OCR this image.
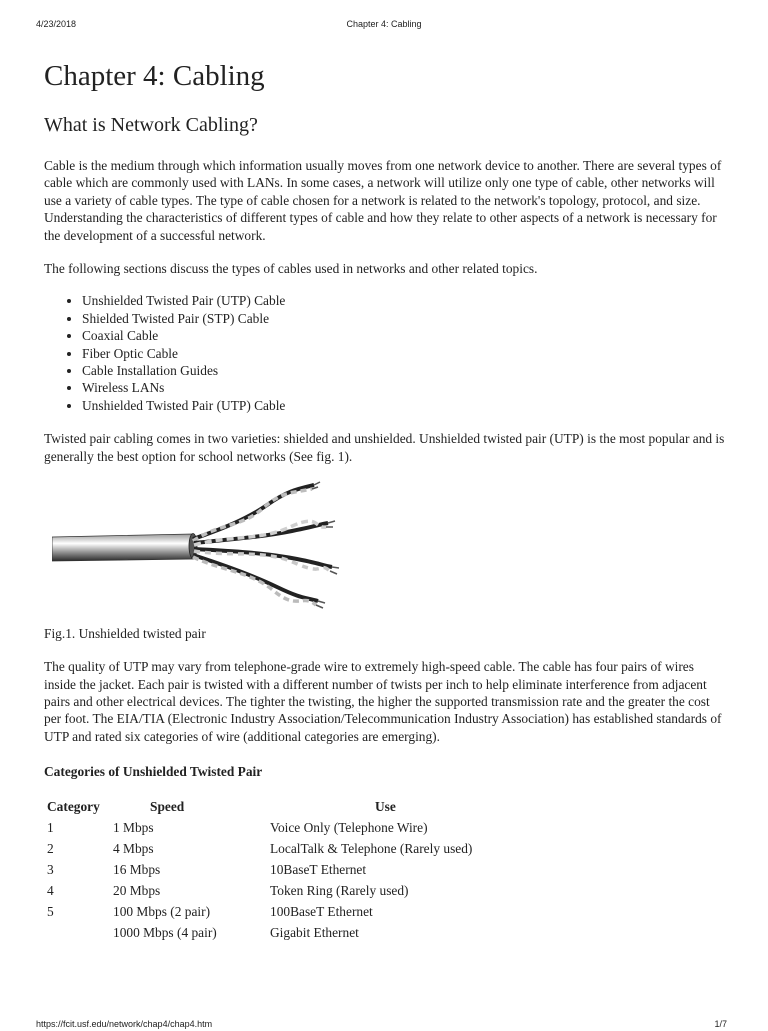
4/23/2018	Chapter 4: Cabling
Chapter 4: Cabling
What is Network Cabling?

Cable is the medium through which information usually moves from one network device to another. There are several types of cable which are commonly used with LANs. In some cases, a network will utilize only one type of cable, other networks will use a variety of cable types. The type of cable chosen for a network is related to the network's topology, protocol, and size. Understanding the characteristics of different types of cable and how they relate to other aspects of a network is necessary for the development of a successful network.

The following sections discuss the types of cables used in networks and other related topics.

• Unshielded Twisted Pair (UTP) Cable
• Shielded Twisted Pair (STP) Cable
• Coaxial Cable
• Fiber Optic Cable
• Cable Installation Guides
• Wireless LANs
• Unshielded Twisted Pair (UTP) Cable

Twisted pair cabling comes in two varieties: shielded and unshielded. Unshielded twisted pair (UTP) is the most popular and is generally the best option for school networks (See fig. 1).

Fig.1. Unshielded twisted pair

The quality of UTP may vary from telephone-grade wire to extremely high-speed cable. The cable has four pairs of wires inside the jacket. Each pair is twisted with a different number of twists per inch to help eliminate interference from adjacent pairs and other electrical devices. The tighter the twisting, the higher the supported transmission rate and the greater the cost per foot. The EIA/TIA (Electronic Industry Association/Telecommunication Industry Association) has established standards of UTP and rated six categories of wire (additional categories are emerging).

Categories of Unshielded Twisted Pair
Category	Speed	Use
1	1 Mbps	Voice Only (Telephone Wire)
2	4 Mbps	LocalTalk & Telephone (Rarely used)
3	16 Mbps	10BaseT Ethernet
4	20 Mbps	Token Ring (Rarely used)
5	100 Mbps (2 pair)	100BaseT Ethernet
	1000 Mbps (4 pair)	Gigabit Ethernet
https://fcit.usf.edu/network/chap4/chap4.htm	1/7
